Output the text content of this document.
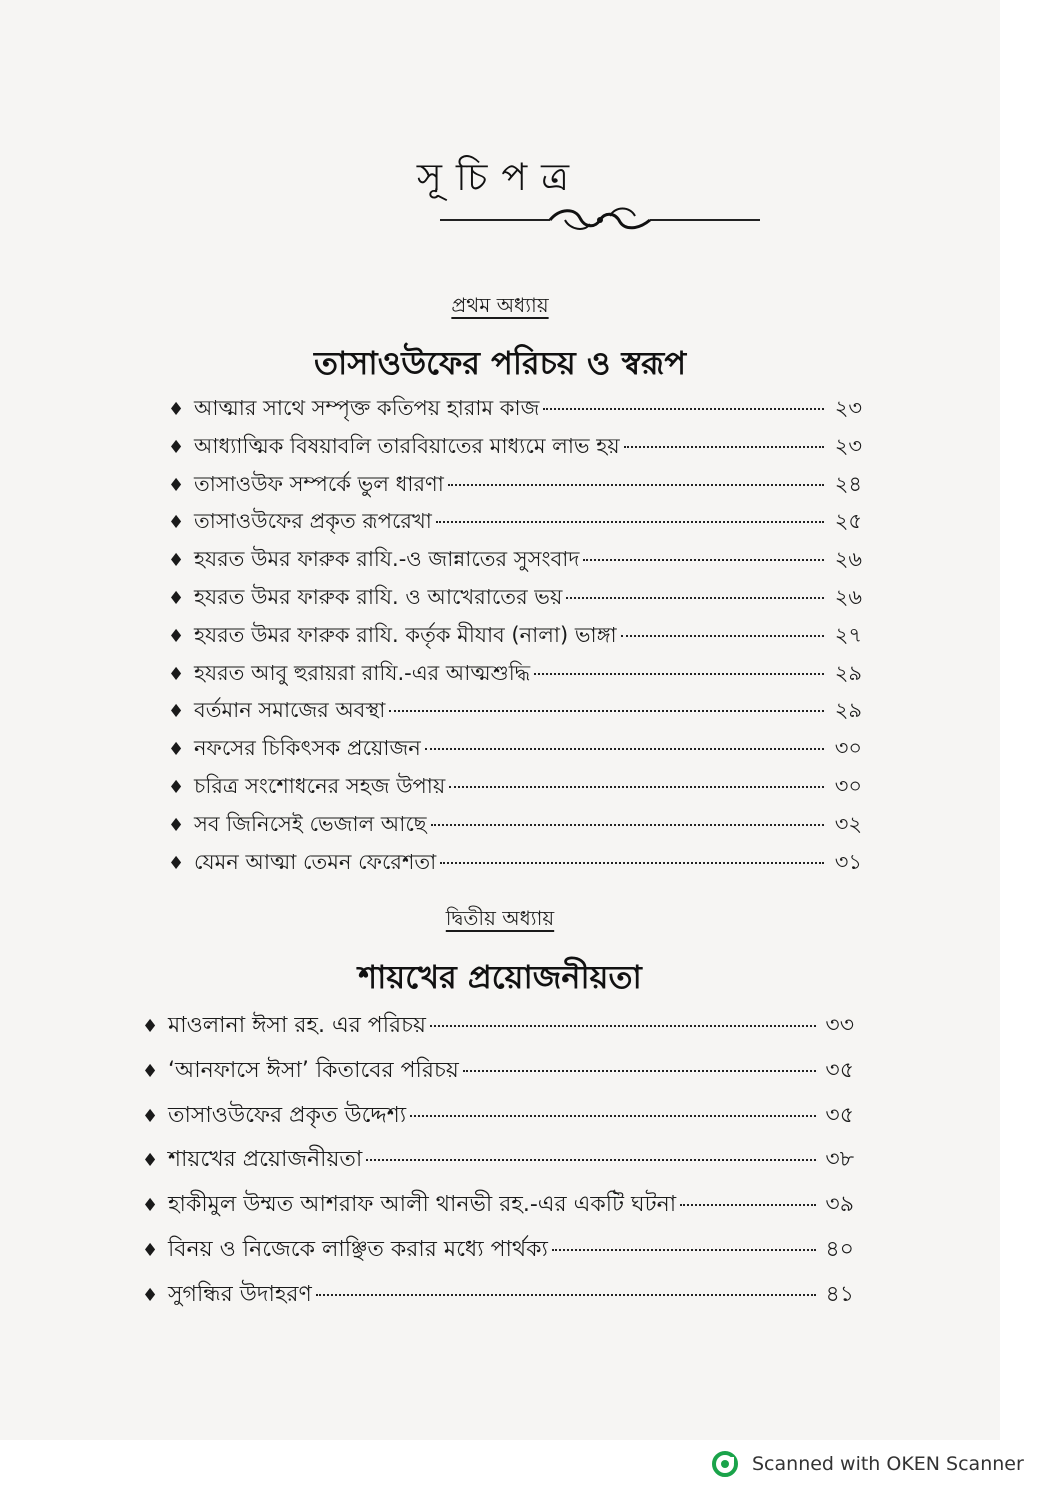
সূচিপত্র
প্রথম অধ্যায়
তাসাওউফের পরিচয় ও স্বরূপ
♦ আত্মার সাথে সম্পৃক্ত কতিপয় হারাম কাজ	২৩
♦ আধ্যাত্মিক বিষয়াবলি তারবিয়াতের মাধ্যমে লাভ হয়	২৩
♦ তাসাওউফ সম্পর্কে ভুল ধারণা	২৪
♦ তাসাওউফের প্রকৃত রূপরেখা	২৫
♦ হযরত উমর ফারুক রাযি.-ও জান্নাতের সুসংবাদ	২৬
♦ হযরত উমর ফারুক রাযি. ও আখেরাতের ভয়	২৬
♦ হযরত উমর ফারুক রাযি. কর্তৃক মীযাব (নালা) ভাঙ্গা	২৭
♦ হযরত আবু হুরায়রা রাযি.-এর আত্মশুদ্ধি	২৯
♦ বর্তমান সমাজের অবস্থা	২৯
♦ নফসের চিকিৎসক প্রয়োজন	৩০
♦ চরিত্র সংশোধনের সহজ উপায়	৩০
♦ সব জিনিসেই ভেজাল আছে	৩২
♦ যেমন আত্মা তেমন ফেরেশতা	৩১
দ্বিতীয় অধ্যায়
শায়খের প্রয়োজনীয়তা
♦ মাওলানা ঈসা রহ. এর পরিচয়	৩৩
♦ ‘আনফাসে ঈসা’ কিতাবের পরিচয়	৩৫
♦ তাসাওউফের প্রকৃত উদ্দেশ্য	৩৫
♦ শায়খের প্রয়োজনীয়তা	৩৮
♦ হাকীমুল উম্মত আশরাফ আলী থানভী রহ.-এর একটি ঘটনা	৩৯
♦ বিনয় ও নিজেকে লাঞ্ছিত করার মধ্যে পার্থক্য	৪০
♦ সুগন্ধির উদাহরণ	৪১
Scanned with OKEN Scanner
